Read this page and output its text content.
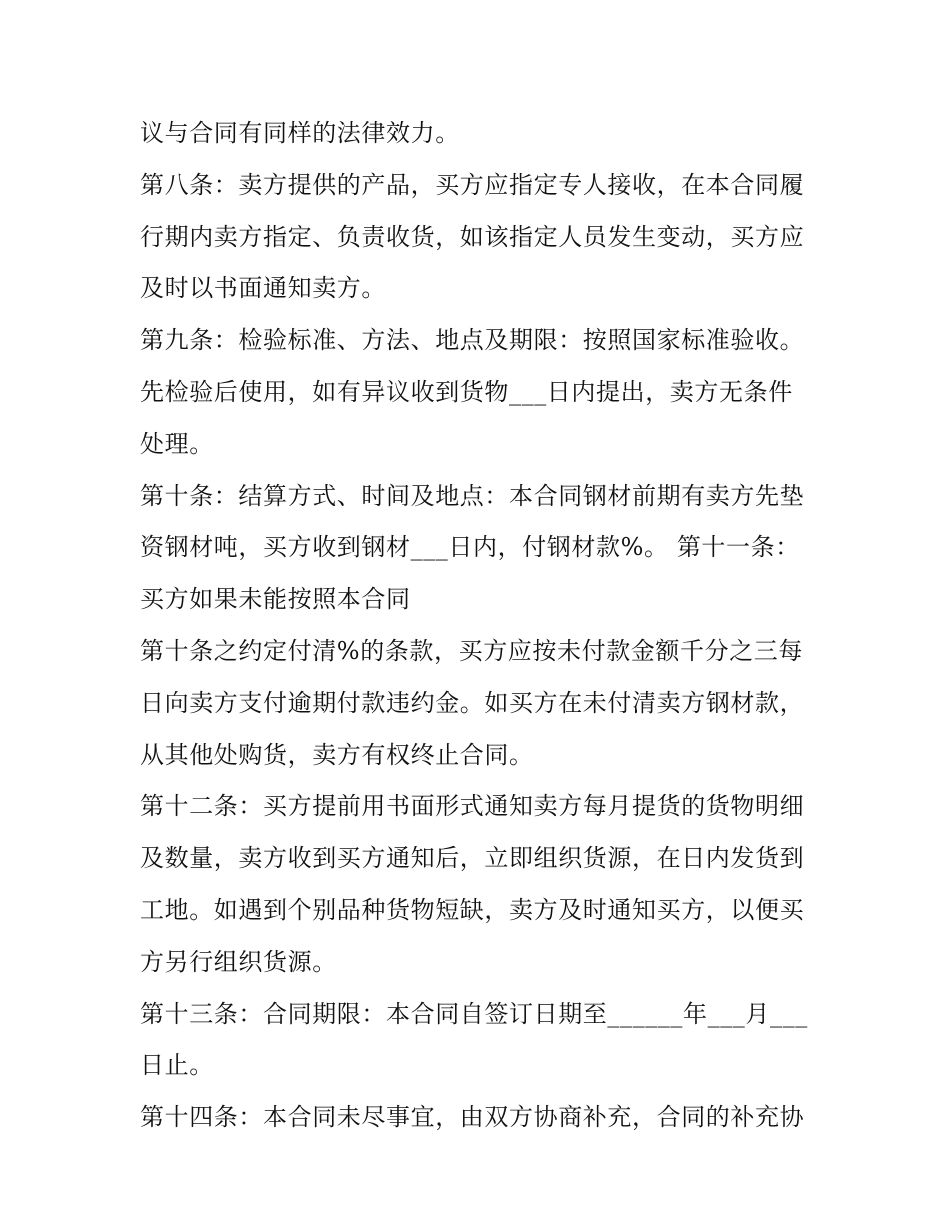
议与合同有同样的法律效力。
第八条：卖方提供的产品，买方应指定专人接收，在本合同履
行期内卖方指定、负责收货，如该指定人员发生变动，买方应
及时以书面通知卖方。
第九条：检验标准、方法、地点及期限：按照国家标准验收。
先检验后使用，如有异议收到货物___日内提出，卖方无条件
处理。
第十条：结算方式、时间及地点：本合同钢材前期有卖方先垫
资钢材吨，买方收到钢材___日内，付钢材款%。 第十一条：
买方如果未能按照本合同
第十条之约定付清%的条款，买方应按未付款金额千分之三每
日向卖方支付逾期付款违约金。如买方在未付清卖方钢材款，
从其他处购货，卖方有权终止合同。
第十二条：买方提前用书面形式通知卖方每月提货的货物明细
及数量，卖方收到买方通知后，立即组织货源，在日内发货到
工地。如遇到个别品种货物短缺，卖方及时通知买方，以便买
方另行组织货源。
第十三条：合同期限：本合同自签订日期至______年___月___
日止。
第十四条：本合同未尽事宜，由双方协商补充，合同的补充协
